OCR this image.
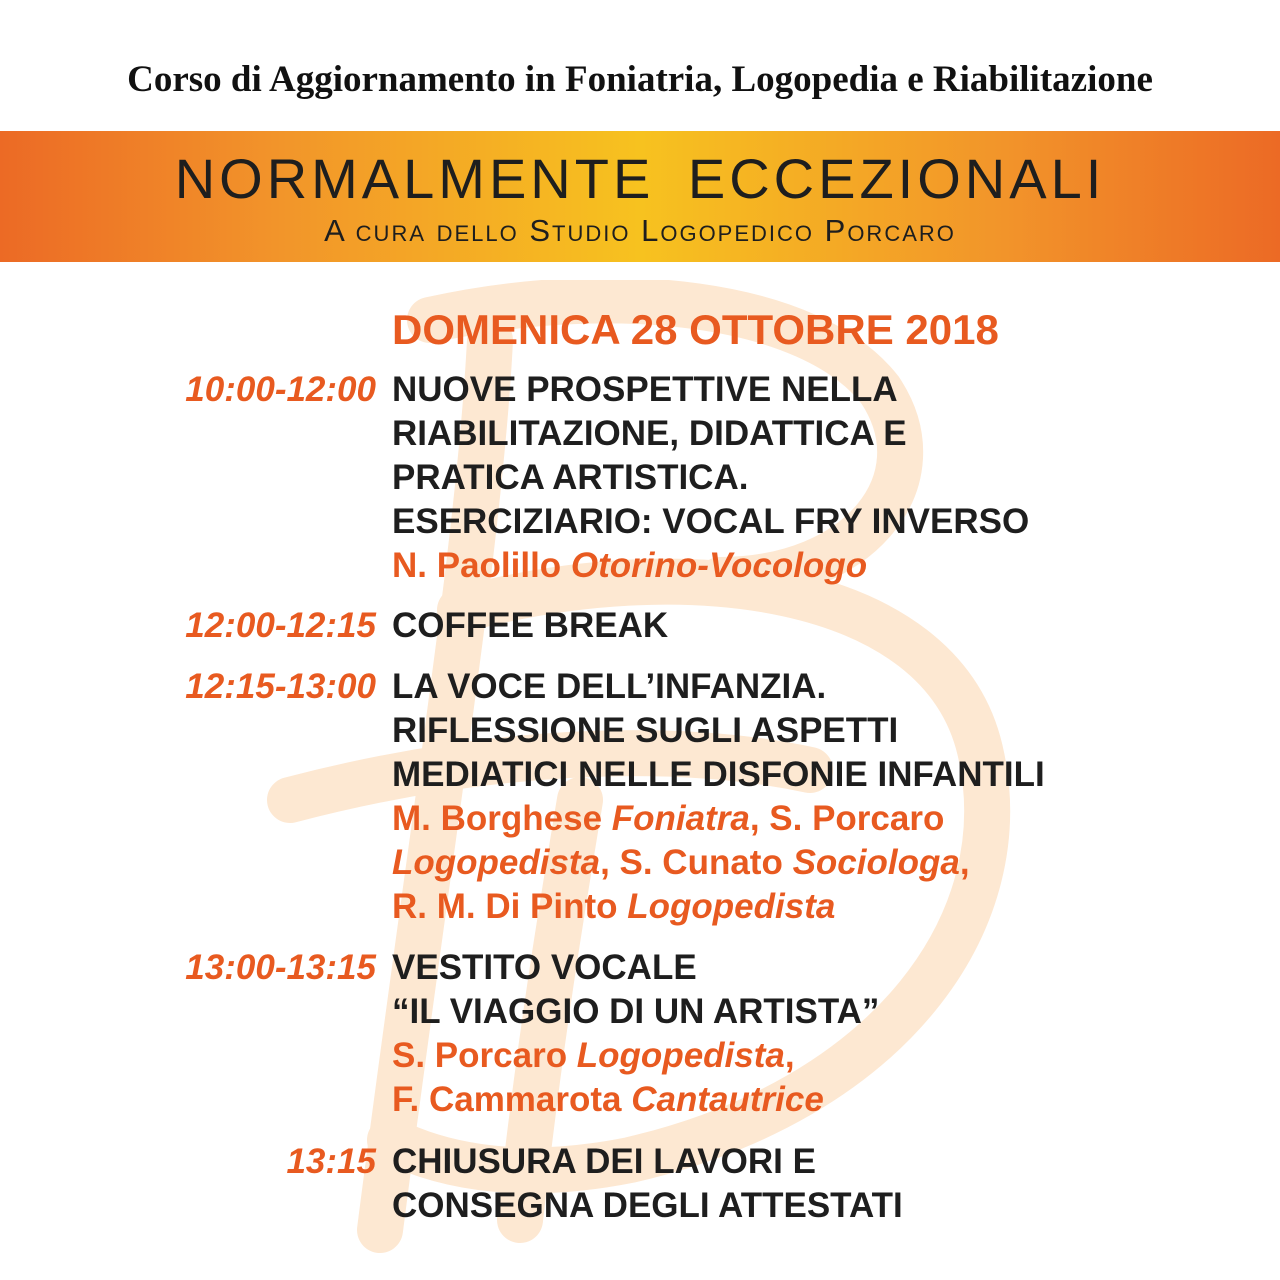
Corso di Aggiornamento in Foniatria, Logopedia e Riabilitazione
NORMALMENTE ECCEZIONALI
A cura dello Studio Logopedico Porcaro
DOMENICA 28 OTTOBRE 2018
10:00-12:00 NUOVE PROSPETTIVE NELLA
RIABILITAZIONE, DIDATTICA E
PRATICA ARTISTICA.
ESERCIZIARIO: VOCAL FRY INVERSO
N. Paolillo Otorino-Vocologo
12:00-12:15 COFFEE BREAK
12:15-13:00 LA VOCE DELL’INFANZIA.
RIFLESSIONE SUGLI ASPETTI
MEDIATICI NELLE DISFONIE INFANTILI
M. Borghese Foniatra, S. Porcaro
Logopedista, S. Cunato Sociologa,
R. M. Di Pinto Logopedista
13:00-13:15 VESTITO VOCALE
“IL VIAGGIO DI UN ARTISTA”
S. Porcaro Logopedista,
F. Cammarota Cantautrice
13:15 CHIUSURA DEI LAVORI E
CONSEGNA DEGLI ATTESTATI
